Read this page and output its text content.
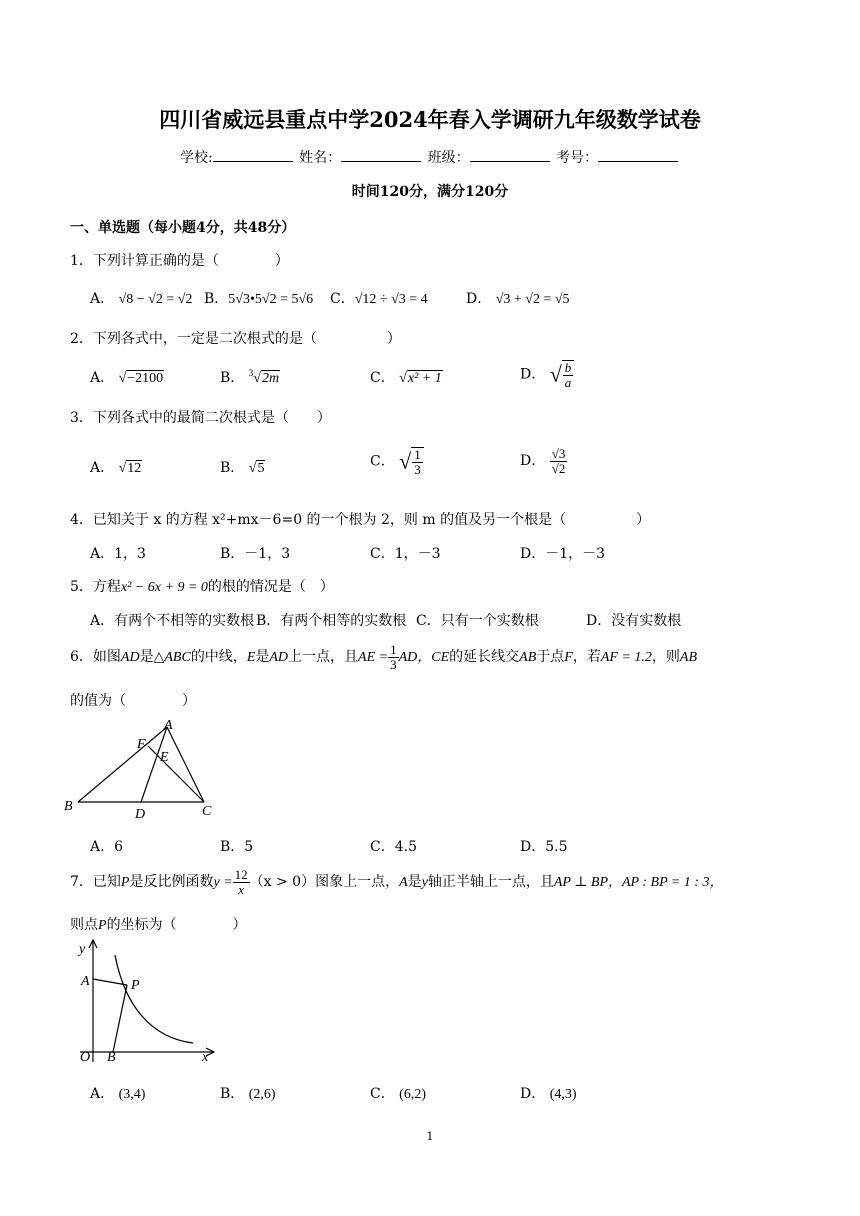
四川省威远县重点中学2024年春入学调研九年级数学试卷
学校:	姓名：	班级：	考号：
时间120分，满分120分
一、单选题（每小题4分，共48分）
1．下列计算正确的是（　　　　）
A． √8 − √2 = √2 B．5√3•5√2 = 5√6 C．√12 ÷ √3 = 4	D． √3 + √2 = √5
2．下列各式中，一定是二次根式的是（　　　　　）
A． √−2100	B． $^3$√2m	C． √x² + 1	D． √ $\frac{b}{a}$
3．下列各式中的最简二次根式是（　　）
A． √12	B． √5	C． √ $\frac{1}{3}$	D． $\frac{√3}{√2}$
4．已知关于 x 的方程 x²+mx－6=0 的一个根为 2，则 m 的值及另一个根是（　　　　　）
A．1，3	B．－1，3	C．1，－3	D．－1，－3
5．方程x² − 6x + 9 = 0的根的情况是（　）
A．有两个不相等的实数根 B．有两个相等的实数根 C．只有一个实数根	D．没有实数根
6．如图AD是△ABC的中线，E是AD上一点，且AE = $\frac{1}{3}$ AD，CE的延长线交AB于点F，若AF = 1.2，则AB
的值为（　　　　）
A
B	C
D
E
F
A．6	B．5	C．4.5	D．5.5
7．已知P是反比例函数$y = \frac{12}{x} (x > 0)$图象上一点，A是y轴正半轴上一点，且AP ⊥ BP，AP : BP = 1 : 3，
则点P的坐标为（　　　　）
y
A	P
O B	x
A． (3,4)	B． (2,6)	C． (6,2)	D． (4,3)
1
